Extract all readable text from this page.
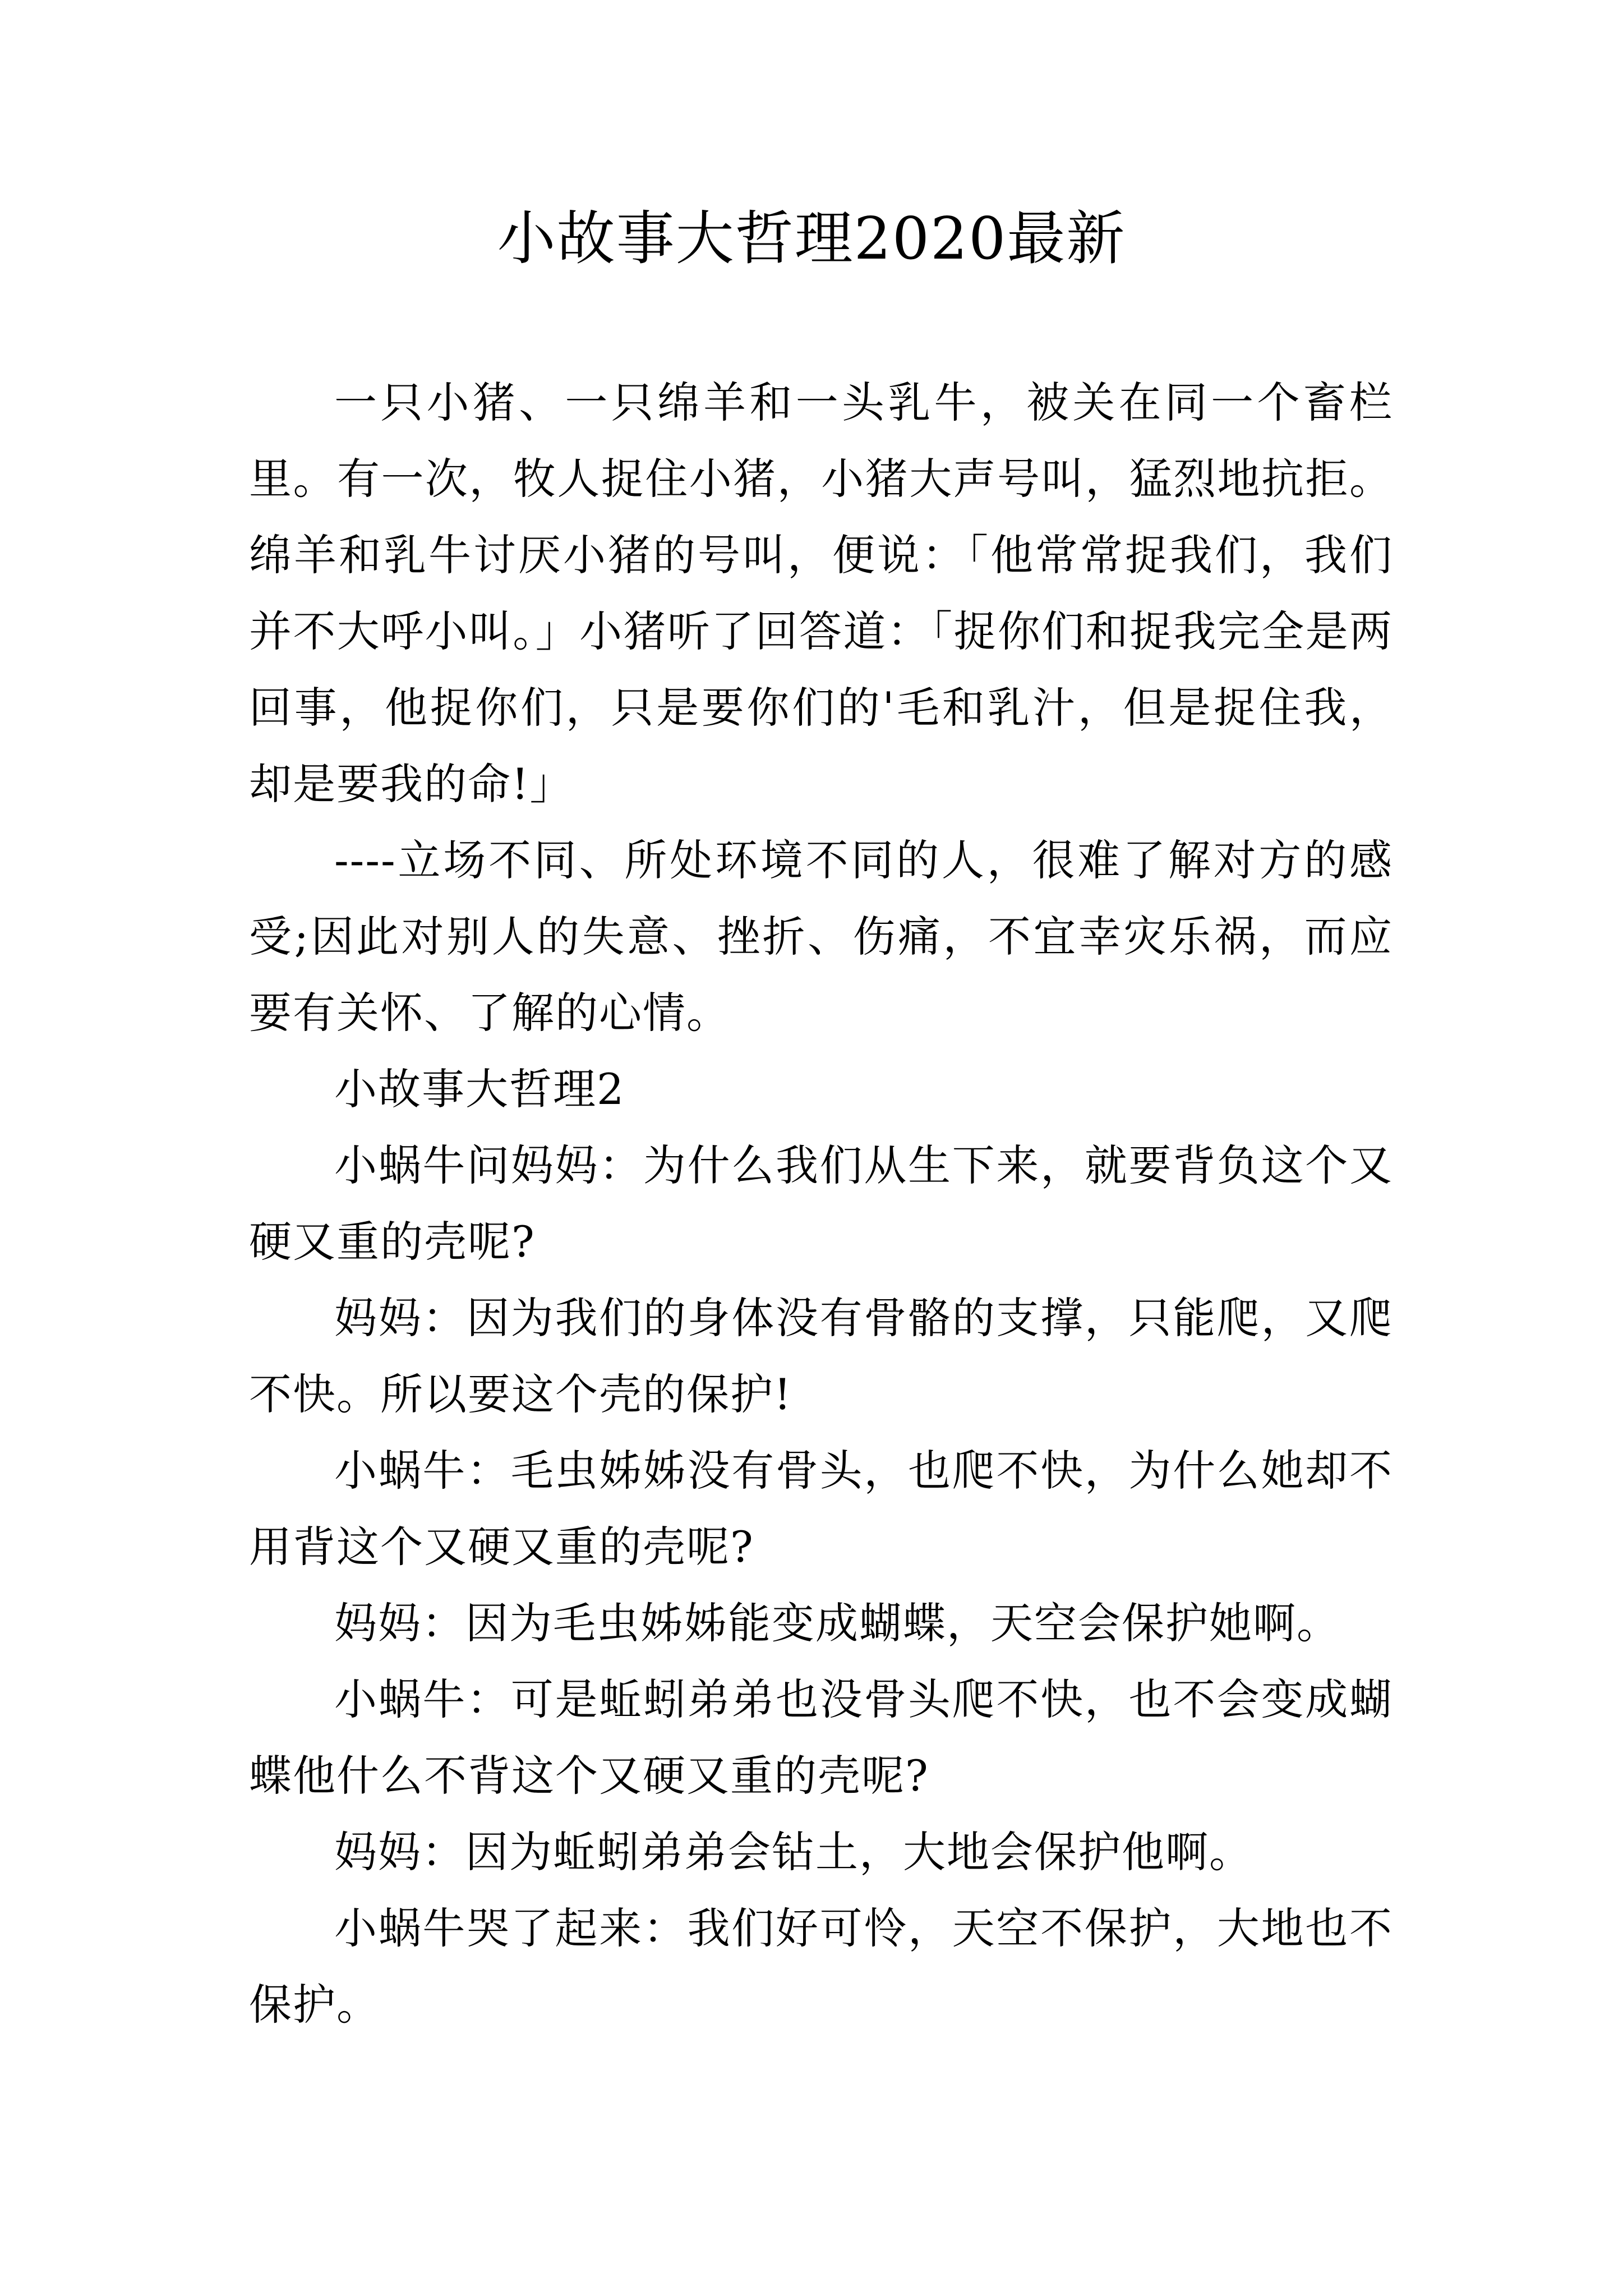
小故事大哲理2020最新

一只小猪、一只绵羊和一头乳牛，被关在同一个畜栏里。有一次，牧人捉住小猪，小猪大声号叫，猛烈地抗拒。绵羊和乳牛讨厌小猪的号叫，便说：「他常常捉我们，我们并不大呼小叫。」小猪听了回答道：「捉你们和捉我完全是两回事，他捉你们，只是要你们的'毛和乳汁，但是捉住我，却是要我的命!」

----立场不同、所处环境不同的人，很难了解对方的感受;因此对别人的失意、挫折、伤痛，不宜幸灾乐祸，而应要有关怀、了解的心情。

小故事大哲理2

小蜗牛问妈妈：为什么我们从生下来，就要背负这个又硬又重的壳呢?

妈妈：因为我们的身体没有骨骼的支撑，只能爬，又爬不快。所以要这个壳的保护!

小蜗牛：毛虫姊姊没有骨头，也爬不快，为什么她却不用背这个又硬又重的壳呢?

妈妈：因为毛虫姊姊能变成蝴蝶，天空会保护她啊。

小蜗牛：可是蚯蚓弟弟也没骨头爬不快，也不会变成蝴蝶他什么不背这个又硬又重的壳呢?

妈妈：因为蚯蚓弟弟会钻土，大地会保护他啊。

小蜗牛哭了起来：我们好可怜，天空不保护，大地也不保护。
